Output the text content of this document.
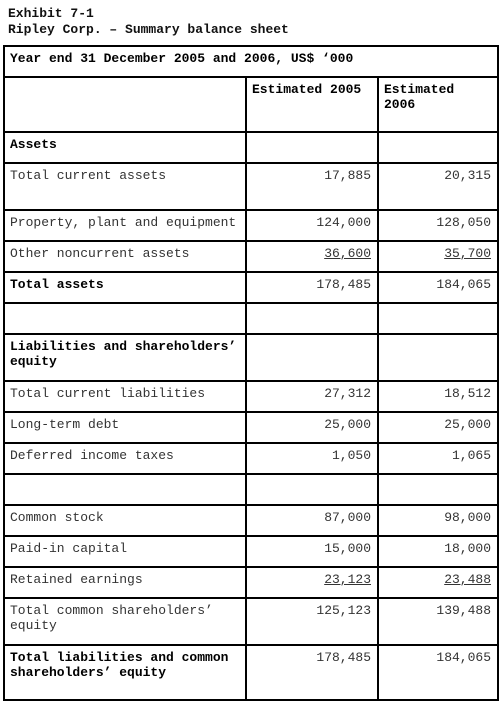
Exhibit 7-1
Ripley Corp. – Summary balance sheet
Year end 31 December 2005 and 2006, US$ ‘000		
	Estimated 2005	Estimated 2006
Assets		
Total current assets	17,885	20,315
Property, plant and equipment	124,000	128,050
Other noncurrent assets	36,600	35,700
Total assets	178,485	184,065

Liabilities and shareholders’ equity		
Total current liabilities	27,312	18,512
Long-term debt	25,000	25,000
Deferred income taxes	1,050	1,065

Common stock	87,000	98,000
Paid-in capital	15,000	18,000
Retained earnings	23,123	23,488
Total common shareholders’ equity	125,123	139,488
Total liabilities and common shareholders’ equity	178,485	184,065
